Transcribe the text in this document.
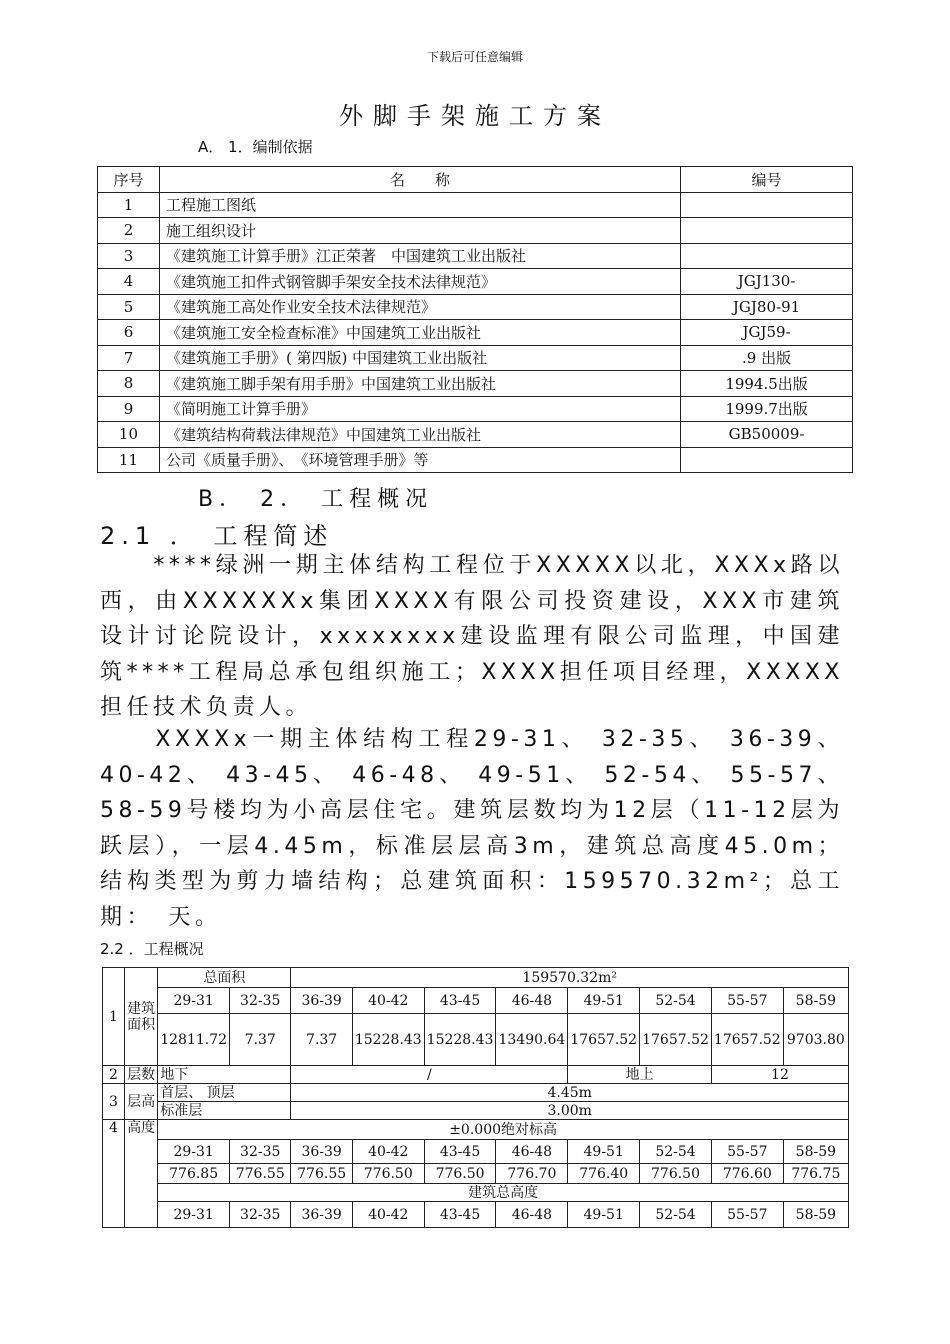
下载后可任意编辑
外脚手架施工方案
A． 1．编制依据
序号	名　　称	编号
1	工程施工图纸	
2	施工组织设计	
3	《建筑施工计算手册》江正荣著　中国建筑工业出版社	
4	《建筑施工扣件式钢管脚手架安全技术法律规范》	JGJ130-
5	《建筑施工高处作业安全技术法律规范》	JGJ80-91
6	《建筑施工安全检查标准》中国建筑工业出版社	JGJ59-
7	《建筑施工手册》( 第四版) 中国建筑工业出版社	.9 出版
8	《建筑施工脚手架有用手册》中国建筑工业出版社	1994.5出版
9	《简明施工计算手册》	1999.7出版
10	《建筑结构荷载法律规范》中国建筑工业出版社	GB50009-
11	公司《质量手册》、　《环境管理手册》等	
B． 2． 工程概况
2.1 ． 工程简述
　　****绿洲一期主体结构工程位于XXXXX以北，XXXx路以西，由XXXXXXx集团XXXX有限公司投资建设，XXX市建筑设计讨论院设计，xxxxxxxx建设监理有限公司监理，中国建筑****工程局总承包组织施工；XXXX担任项目经理，XXXXX担任技术负责人。
　　XXXXx一期主体结构工程29-31、 32-35、 36-39、 40-42、 43-45、 46-48、 49-51、 52-54、 55-57、 58-59号楼均为小高层住宅。建筑层数均为12层（11-12层为跃层），一层4.45m，标准层层高3m，建筑总高度45.0m；结构类型为剪力墙结构；总建筑面积：159570.32m²；总工期：　天。
2.2 ．工程概况
1	建筑面积	总面积		159570.32m²							
		29-31	32-35	36-39	40-42	43-45	46-48	49-51	52-54	55-57	58-59
		12811.72	7.37	7.37	15228.43	15228.43	13490.64	17657.52	17657.52	17657.52	9703.80
2	层数	地下		/				地上		12	
3	层高	首层、 顶层		4.45m							
		标准层		3.00m							
4	高度	±0.000绝对标高									
		29-31	32-35	36-39	40-42	43-45	46-48	49-51	52-54	55-57	58-59
		776.85	776.55	776.55	776.50	776.50	776.70	776.40	776.50	776.60	776.75
		建筑总高度									
		29-31	32-35	36-39	40-42	43-45	46-48	49-51	52-54	55-57	58-59
